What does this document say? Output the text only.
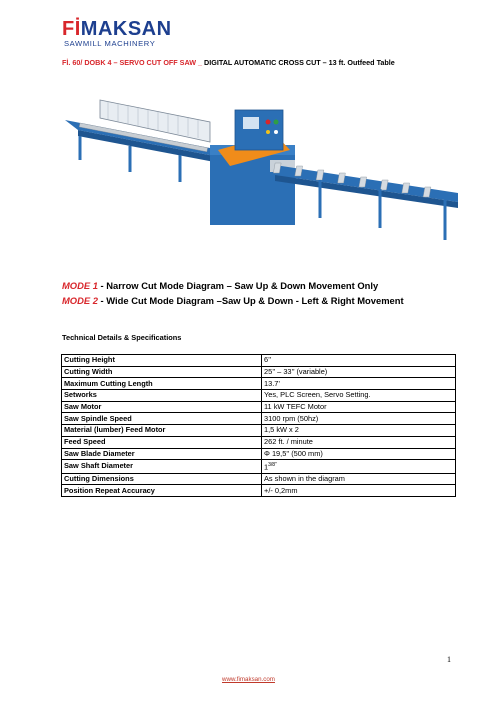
FİMAKSAN
SAWMILL MACHINERY
Fİ. 60/ DOBK 4 – SERVO CUT OFF SAW _ DIGITAL AUTOMATIC CROSS CUT – 13 ft. Outfeed Table
MODE 1 - Narrow Cut Mode Diagram – Saw Up & Down Movement Only
MODE 2 - Wide Cut Mode Diagram –Saw Up & Down - Left & Right Movement
Technical Details & Specifications
Cutting Height	6’’
Cutting Width	25’’ – 33’’ (variable)
Maximum Cutting Length	13.7’
Setworks	Yes, PLC Screen, Servo Setting.
Saw Motor	11 kW TEFC Motor
Saw Spindle Speed	3100 rpm (50hz)
Material (lumber) Feed Motor	1,5 kW x 2
Feed Speed	262 ft. / minute
Saw Blade Diameter	Φ 19,5'' (500 mm)
Saw Shaft Diameter	$1^{3/8’’}$
Cutting Dimensions	As shown in the diagram
Position Repeat Accuracy	+/- 0,2mm
1
www.fimaksan.com
